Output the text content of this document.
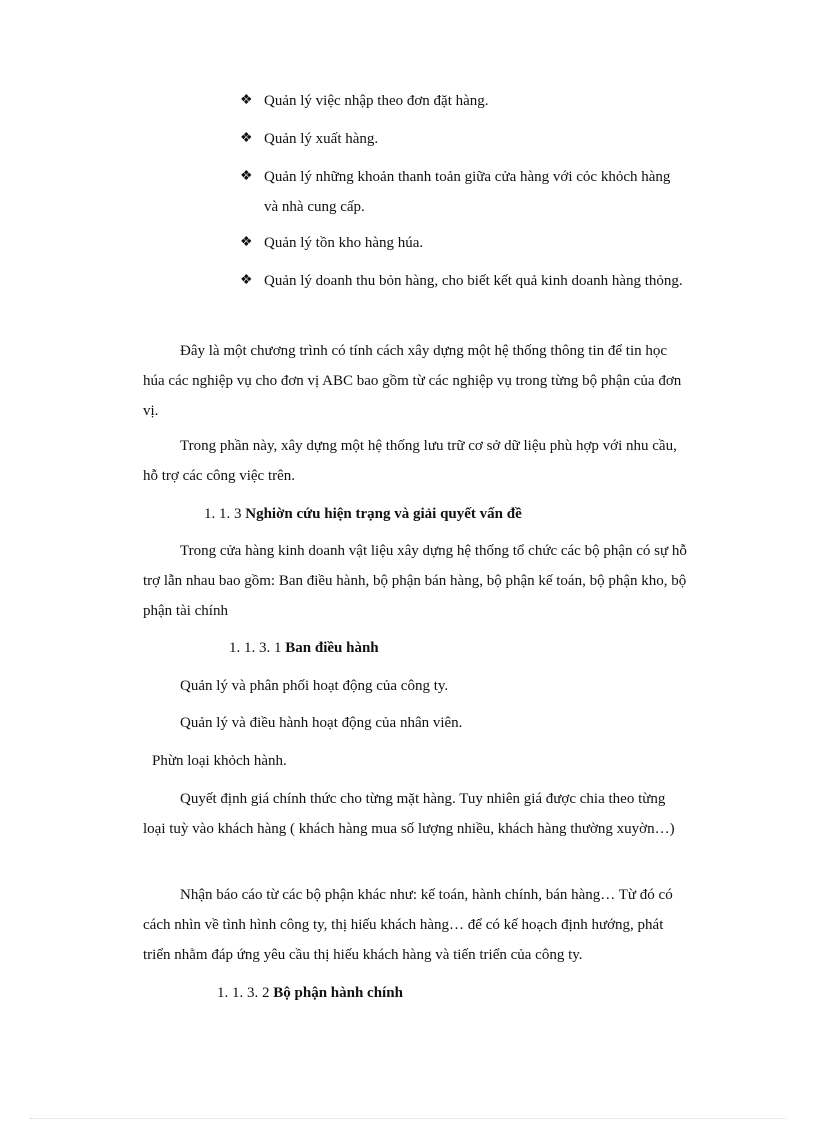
❖ Quản lý việc nhập theo đơn đặt hàng.
❖ Quản lý xuất hàng.
❖ Quản lý những khoản thanh toản giữa cửa hàng với cỏc khỏch hàng và nhà cung cấp.
❖ Quản lý tồn kho hàng húa.
❖ Quản lý doanh thu bỏn hàng, cho biết kết quả kinh doanh hàng thỏng.
Đây là một chương trình có tính cách xây dựng một hệ thống thông tin để tin học húa các nghiệp vụ cho đơn vị ABC bao gồm từ các nghiệp vụ trong từng bộ phận của đơn vị.
Trong phần này, xây dựng một hệ thống lưu trữ cơ sở dữ liệu phù hợp với nhu cầu, hỗ trợ các công việc trên.
1. 1. 3 Nghiờn cứu hiện trạng và giải quyết vấn đề
Trong cửa hàng kinh doanh vật liệu xây dựng hệ thống tổ chức các bộ phận có sự hỗ trợ lẫn nhau bao gồm: Ban điều hành, bộ phận bán hàng, bộ phận kế toán, bộ phận kho, bộ phận tài chính
1. 1. 3. 1 Ban điều hành
Quản lý và phân phối hoạt động của công ty.
Quản lý và điều hành hoạt động của nhân viên.
Phừn loại khỏch hành.
Quyết định giá chính thức cho từng mặt hàng. Tuy nhiên giá được chia theo từng loại tuỳ vào khách hàng ( khách hàng mua số lượng nhiều, khách hàng thường xuyờn…)
Nhận báo cáo từ các bộ phận khác như: kế toán, hành chính, bán hàng… Từ đó có cách nhìn về tình hình công ty, thị hiếu khách hàng… để có kế hoạch định hướng, phát triển nhằm đáp ứng yêu cầu thị hiếu khách hàng và tiến triển của công ty.
1. 1. 3. 2 Bộ phận hành chính
